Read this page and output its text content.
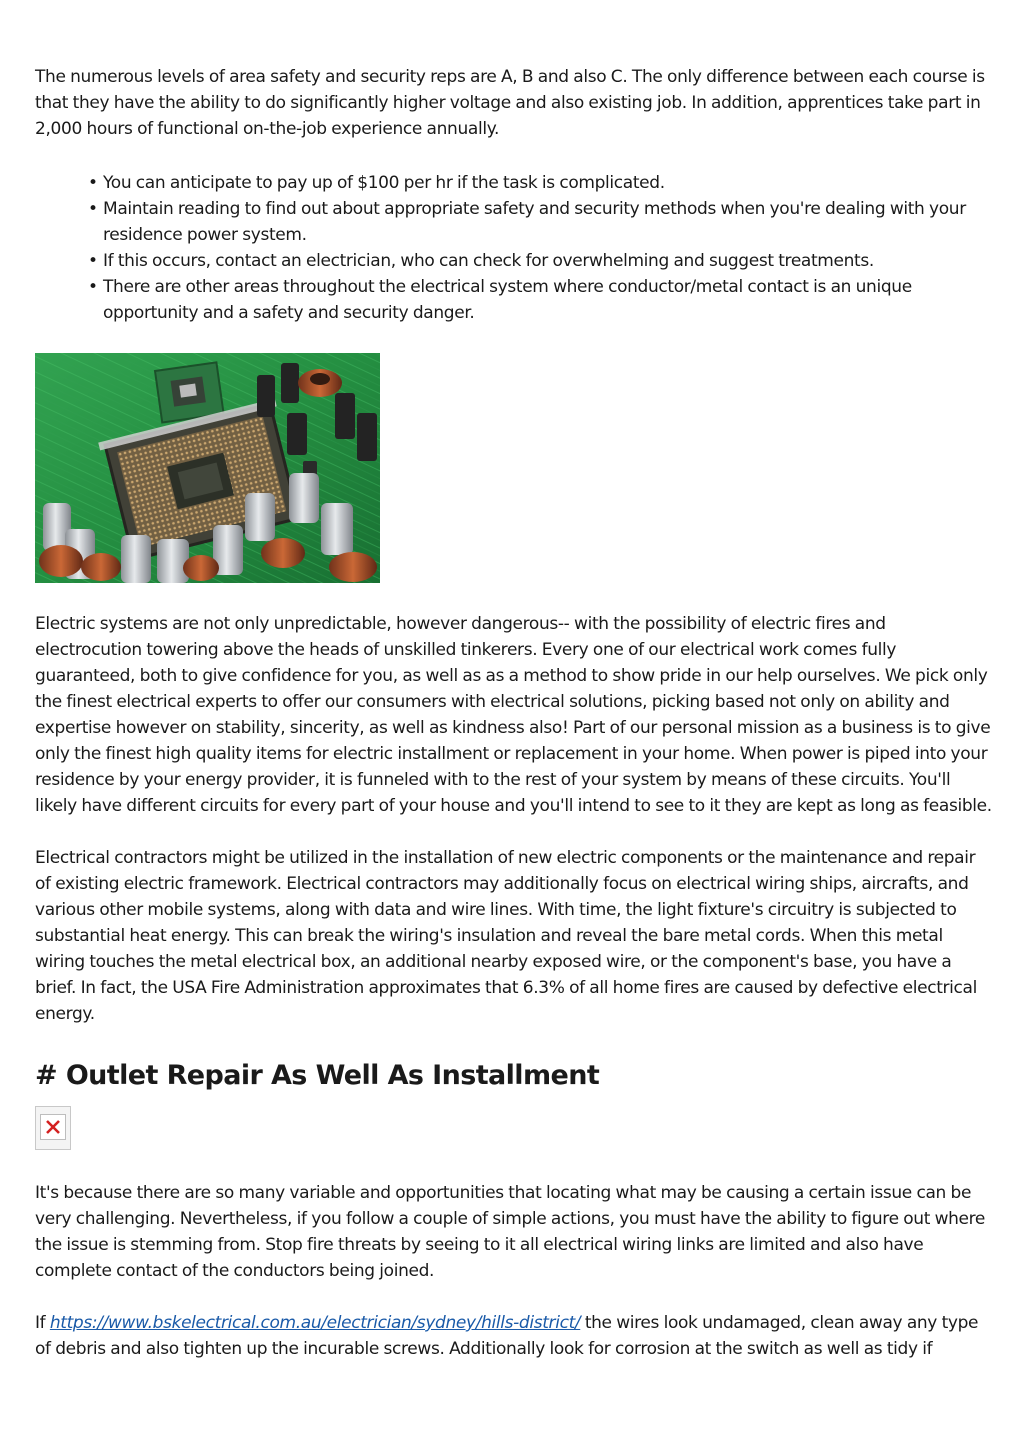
The numerous levels of area safety and security reps are A, B and also C. The only difference between each course is that they have the ability to do significantly higher voltage and also existing job. In addition, apprentices take part in 2,000 hours of functional on-the-job experience annually.

• You can anticipate to pay up of $100 per hr if the task is complicated.
• Maintain reading to find out about appropriate safety and security methods when you're dealing with your residence power system.
• If this occurs, contact an electrician, who can check for overwhelming and suggest treatments.
• There are other areas throughout the electrical system where conductor/metal contact is an unique opportunity and a safety and security danger.

Electric systems are not only unpredictable, however dangerous-- with the possibility of electric fires and electrocution towering above the heads of unskilled tinkerers. Every one of our electrical work comes fully guaranteed, both to give confidence for you, as well as as a method to show pride in our help ourselves. We pick only the finest electrical experts to offer our consumers with electrical solutions, picking based not only on ability and expertise however on stability, sincerity, as well as kindness also! Part of our personal mission as a business is to give only the finest high quality items for electric installment or replacement in your home. When power is piped into your residence by your energy provider, it is funneled with to the rest of your system by means of these circuits. You'll likely have different circuits for every part of your house and you'll intend to see to it they are kept as long as feasible.

Electrical contractors might be utilized in the installation of new electric components or the maintenance and repair of existing electric framework. Electrical contractors may additionally focus on electrical wiring ships, aircrafts, and various other mobile systems, along with data and wire lines. With time, the light fixture's circuitry is subjected to substantial heat energy. This can break the wiring's insulation and reveal the bare metal cords. When this metal wiring touches the metal electrical box, an additional nearby exposed wire, or the component's base, you have a brief. In fact, the USA Fire Administration approximates that 6.3% of all home fires are caused by defective electrical energy.

# Outlet Repair As Well As Installment

It's because there are so many variable and opportunities that locating what may be causing a certain issue can be very challenging. Nevertheless, if you follow a couple of simple actions, you must have the ability to figure out where the issue is stemming from. Stop fire threats by seeing to it all electrical wiring links are limited and also have complete contact of the conductors being joined.

If https://www.bskelectrical.com.au/electrician/sydney/hills-district/ the wires look undamaged, clean away any type of debris and also tighten up the incurable screws. Additionally look for corrosion at the switch as well as tidy if
